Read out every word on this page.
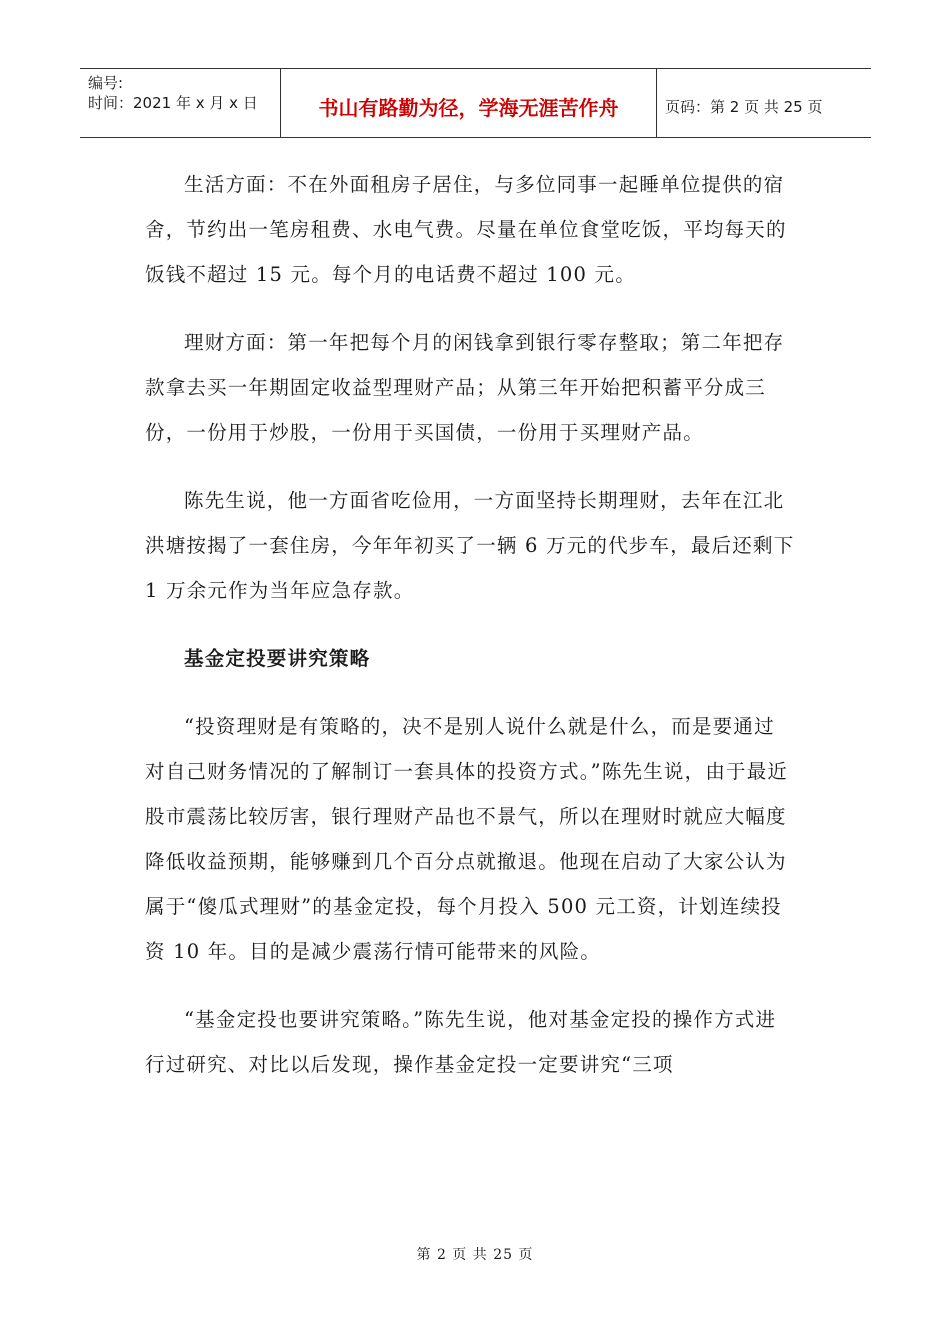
编号:
时间：2021 年 x 月 x 日	书山有路勤为径，学海无涯苦作舟	页码：第 2 页 共 25 页

生活方面：不在外面租房子居住，与多位同事一起睡单位提供的宿舍，节约出一笔房租费、水电气费。尽量在单位食堂吃饭，平均每天的饭钱不超过 15 元。每个月的电话费不超过 100 元。

理财方面：第一年把每个月的闲钱拿到银行零存整取；第二年把存款拿去买一年期固定收益型理财产品；从第三年开始把积蓄平分成三份，一份用于炒股，一份用于买国债，一份用于买理财产品。

陈先生说，他一方面省吃俭用，一方面坚持长期理财，去年在江北洪塘按揭了一套住房，今年年初买了一辆 6 万元的代步车，最后还剩下 1 万余元作为当年应急存款。

基金定投要讲究策略

“投资理财是有策略的，决不是别人说什么就是什么，而是要通过对自己财务情况的了解制订一套具体的投资方式。”陈先生说，由于最近股市震荡比较厉害，银行理财产品也不景气，所以在理财时就应大幅度降低收益预期，能够赚到几个百分点就撤退。他现在启动了大家公认为属于“傻瓜式理财”的基金定投，每个月投入 500 元工资，计划连续投资 10 年。目的是减少震荡行情可能带来的风险。

“基金定投也要讲究策略。”陈先生说，他对基金定投的操作方式进行过研究、对比以后发现，操作基金定投一定要讲究“三项

第 2 页 共 25 页
